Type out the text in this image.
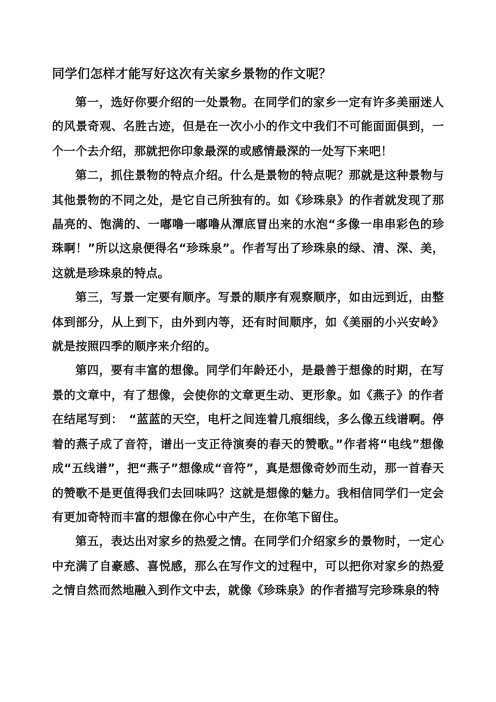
同学们怎样才能写好这次有关家乡景物的作文呢？

第一，选好你要介绍的一处景物。在同学们的家乡一定有许多美丽迷人的风景奇观、名胜古迹，但是在一次小小的作文中我们不可能面面俱到，一个一个去介绍，那就把你印象最深的或感情最深的一处写下来吧！

第二，抓住景物的特点介绍。什么是景物的特点呢？那就是这种景物与其他景物的不同之处，是它自己所独有的。如《珍珠泉》的作者就发现了那晶亮的、饱满的、一嘟噜一嘟噜从潭底冒出来的水泡“多像一串串彩色的珍珠啊！”所以这泉便得名“珍珠泉”。作者写出了珍珠泉的绿、清、深、美，这就是珍珠泉的特点。

第三，写景一定要有顺序。写景的顺序有观察顺序，如由远到近，由整体到部分，从上到下，由外到内等，还有时间顺序，如《美丽的小兴安岭》就是按照四季的顺序来介绍的。

第四，要有丰富的想像。同学们年龄还小，是最善于想像的时期，在写景的文章中，有了想像，会使你的文章更生动、更形象。如《燕子》的作者在结尾写到：　“蓝蓝的天空，电杆之间连着几痕细线，多么像五线谱啊。停着的燕子成了音符，谱出一支正待演奏的春天的赞歌。”作者将“电线”想像成“五线谱”，把“燕子”想像成“音符”，真是想像奇妙而生动，那一首春天的赞歌不是更值得我们去回味吗？这就是想像的魅力。我相信同学们一定会有更加奇特而丰富的想像在你心中产生，在你笔下留住。

第五，表达出对家乡的热爱之情。在同学们介绍家乡的景物时，一定心中充满了自豪感、喜悦感，那么在写作文的过程中，可以把你对家乡的热爱之情自然而然地融入到作文中去，就像《珍珠泉》的作者描写完珍珠泉的特
